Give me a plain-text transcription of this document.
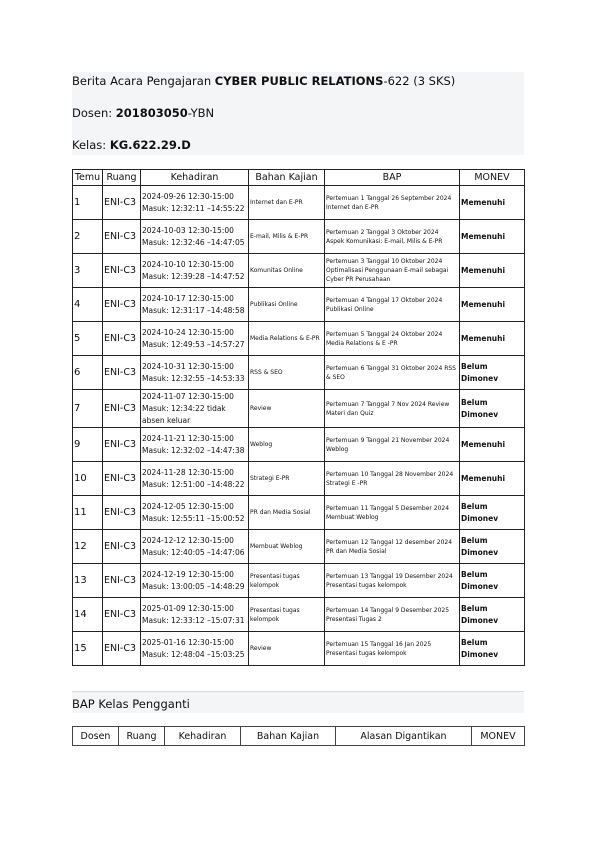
Berita Acara Pengajaran CYBER PUBLIC RELATIONS-622 (3 SKS)
Dosen: 201803050-YBN
Kelas: KG.622.29.D
Temu	Ruang	Kehadiran	Bahan Kajian	BAP	MONEV
1	ENI-C3	2024-09-26 12:30-15:00
Masuk: 12:32:11 –14:55:22	Internet dan E-PR	Pertemuan 1 Tanggal 26 September 2024 Internet dan E-PR	Memenuhi
2	ENI-C3	2024-10-03 12:30-15:00
Masuk: 12:32:46 –14:47:05	E-mail, Milis & E-PR	Pertemuan 2 Tanggal 3 Oktober 2024 Aspek Komunikasi: E-mail, Milis & E-PR	Memenuhi
3	ENI-C3	2024-10-10 12:30-15:00
Masuk: 12:39:28 –14:47:52	Komunitas Online	Pertemuan 3 Tanggal 10 Oktober 2024 Optimalisasi Penggunaan E-mail sebagai Cyber PR Perusahaan	Memenuhi
4	ENI-C3	2024-10-17 12:30-15:00
Masuk: 12:31:17 –14:48:58	Publikasi Online	Pertemuan 4 Tanggal 17 Oktober 2024 Publikasi Online	Memenuhi
5	ENI-C3	2024-10-24 12:30-15:00
Masuk: 12:49:53 –14:57:27	Media Relations & E-PR	Pertemuan 5 Tanggal 24 Oktober 2024 Media Relations & E -PR	Memenuhi
6	ENI-C3	2024-10-31 12:30-15:00
Masuk: 12:32:55 –14:53:33	RSS & SEO	Pertemuan 6 Tanggal 31 Oktober 2024 RSS & SEO	Belum Dimonev
7	ENI-C3	2024-11-07 12:30-15:00
Masuk: 12:34:22 tidak absen keluar	Review	Pertemuan 7 Tanggal 7 Nov 2024 Review Materi dan Quiz	Belum Dimonev
9	ENI-C3	2024-11-21 12:30-15:00
Masuk: 12:32:02 –14:47:38	Weblog	Pertemuan 9 Tanggal 21 November 2024 Weblog	Memenuhi
10	ENI-C3	2024-11-28 12:30-15:00
Masuk: 12:51:00 –14:48:22	Strategi E-PR	Pertemuan 10 Tanggal 28 November 2024 Strategi E -PR	Memenuhi
11	ENI-C3	2024-12-05 12:30-15:00
Masuk: 12:55:11 –15:00:52	PR dan Media Sosial	Pertemuan 11 Tanggal 5 Desember 2024 Membuat Weblog	Belum Dimonev
12	ENI-C3	2024-12-12 12:30-15:00
Masuk: 12:40:05 –14:47:06	Membuat Weblog	Pertemuan 12 Tanggal 12 desember 2024 PR dan Media Sosial	Belum Dimonev
13	ENI-C3	2024-12-19 12:30-15:00
Masuk: 13:00:05 –14:48:29	Presentasi tugas kelompok	Pertemuan 13 Tanggal 19 Desember 2024 Presentasi tugas kelompok	Belum Dimonev
14	ENI-C3	2025-01-09 12:30-15:00
Masuk: 12:33:12 –15:07:31	Presentasi tugas kelompok	Pertemuan 14 Tanggal 9 Desember 2025 Presentasi Tugas 2	Belum Dimonev
15	ENI-C3	2025-01-16 12:30-15:00
Masuk: 12:48:04 –15:03:25	Review	Pertemuan 15 Tanggal 16 Jan 2025 Presentasi tugas kelompok	Belum Dimonev
BAP Kelas Pengganti
Dosen	Ruang	Kehadiran	Bahan Kajian	Alasan Digantikan	MONEV
